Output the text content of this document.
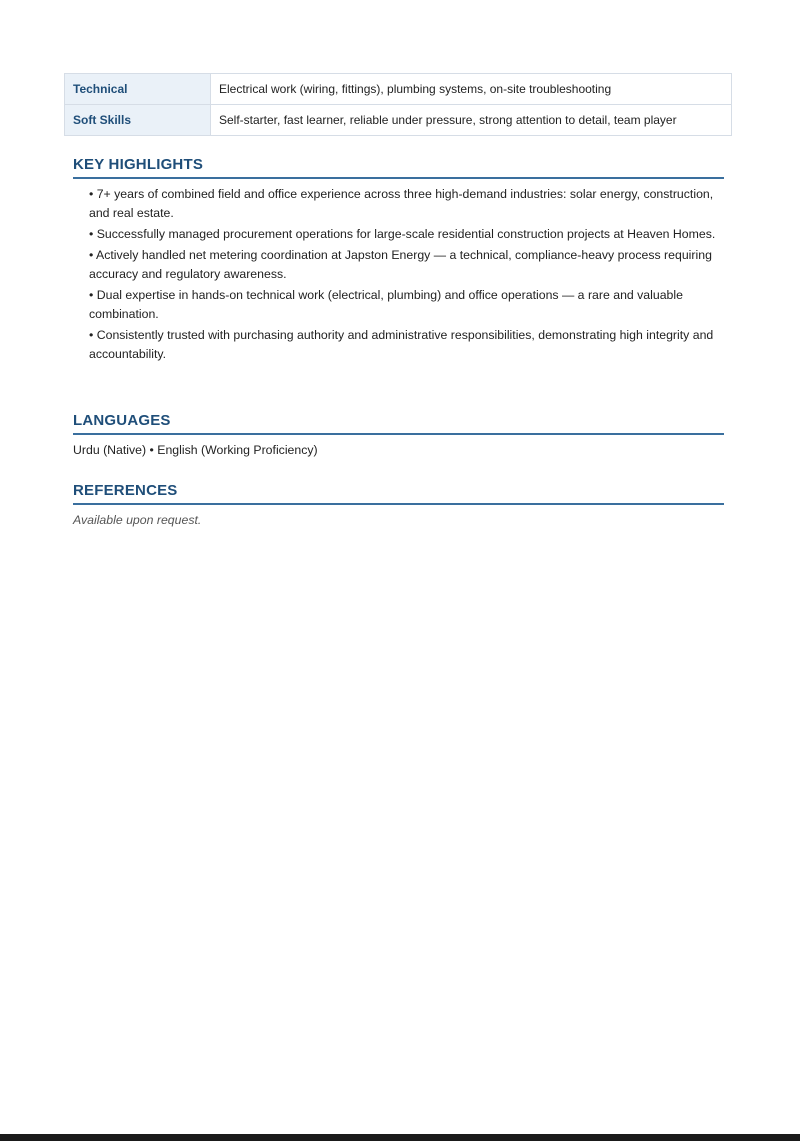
Technical	Electrical work (wiring, fittings), plumbing systems, on-site troubleshooting
Soft Skills	Self-starter, fast learner, reliable under pressure, strong attention to detail, team player
KEY HIGHLIGHTS
• 7+ years of combined field and office experience across three high-demand industries: solar energy, construction, and real estate.
• Successfully managed procurement operations for large-scale residential construction projects at Heaven Homes.
• Actively handled net metering coordination at Japston Energy — a technical, compliance-heavy process requiring accuracy and regulatory awareness.
• Dual expertise in hands-on technical work (electrical, plumbing) and office operations — a rare and valuable combination.
• Consistently trusted with purchasing authority and administrative responsibilities, demonstrating high integrity and accountability.
LANGUAGES

Urdu (Native) • English (Working Proficiency)

REFERENCES

Available upon request.
